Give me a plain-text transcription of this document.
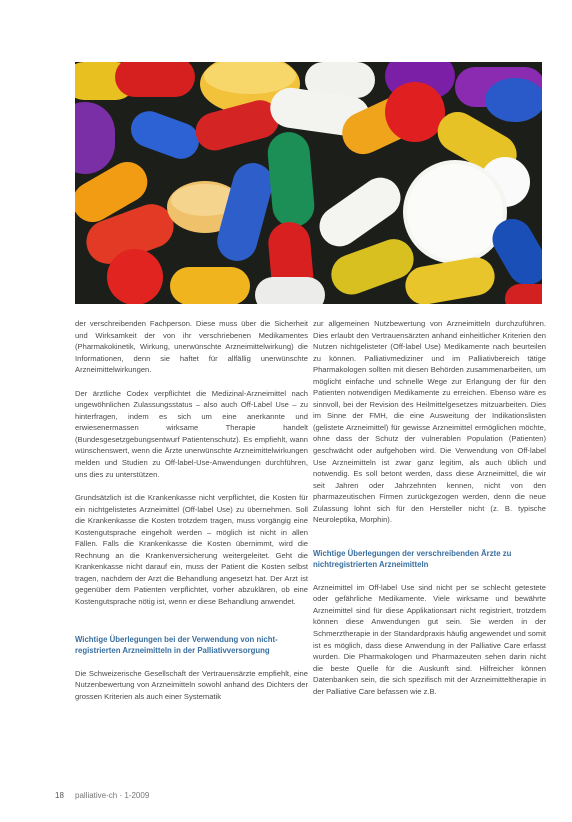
der verschreibenden Fachperson. Diese muss über die Sicherheit und Wirksamkeit der von ihr verschriebenen Medikamentes (Pharmakokinetik, Wirkung, unerwünschte Arzneimittelwirkung) die Informationen, denn sie haftet für allfällig unerwünschte Arzneimittelwirkungen.

Der ärztliche Codex verpflichtet die Medizinal-Arzneimittel nach ungewöhnlichen Zulassungsstatus – also auch Off-Label Use – zu hinterfragen, indem es sich um eine anerkannte und erwiesenermassen wirksame Therapie handelt (Bundesgesetzgebungsentwurf Patientenschutz). Es empfiehlt, wann wünschenswert, wenn die Ärzte unerwünschte Arzneimittelwirkungen melden und Studien zu Off-label-Use-Anwendungen durchführen, uns dies zu unterstützen.

Grundsätzlich ist die Krankenkasse nicht verpflichtet, die Kosten für ein nichtgelistetes Arzneimittel (Off-label Use) zu übernehmen. Soll die Krankenkasse die Kosten trotzdem tragen, muss vorgängig eine Kostengutsprache eingeholt werden – möglich ist nicht in allen Fällen. Falls die Krankenkasse die Kosten übernimmt, wird die Rechnung an die Krankenversicherung weitergeleitet. Geht die Krankenkasse nicht darauf ein, muss der Patient die Kosten selbst tragen, nachdem der Arzt die Behandlung angesetzt hat. Der Arzt ist gegenüber dem Patienten verpflichtet, vorher abzuklären, ob eine Kostengutsprache nötig ist, wenn er diese Behandlung anwendet.

Wichtige Überlegungen bei der Verwendung von nicht-registrierten Arzneimitteln in der Palliativversorgung

Die Schweizerische Gesellschaft der Vertrauensärzte empfiehlt, eine Nutzenbewertung von Arzneimitteln sowohl anhand des Dichters der grossen Kriterien als auch einer Systematik

zur allgemeinen Nutzbewertung von Arzneimitteln durchzuführen. Dies erlaubt den Vertrauensärzten anhand einheitlicher Kriterien den Nutzen nichtgelisteter (Off-label Use) Medikamente nach beurteilen zu können. Palliativmediziner und im Palliativbereich tätige Pharmakologen sollten mit diesen Behörden zusammenarbeiten, um möglicht einfache und schnelle Wege zur Erlangung der für den Patienten notwendigen Medikamente zu erreichen. Ebenso wäre es sinnvoll, bei der Revision des Heilmittelgesetzes mitzuarbeiten. Dies im Sinne der FMH, die eine Ausweitung der Indikationslisten (gelistete Arzneimittel) für gewisse Arzneimittel ermöglichen möchte, ohne dass der Schutz der vulnerablen Population (Patienten) geschwächt oder aufgehoben wird. Die Verwendung von Off-label Use Arzneimitteln ist zwar ganz legitim, als auch üblich und notwendig. Es soll betont werden, dass diese Arzneimittel, die wir seit Jahren oder Jahrzehnten kennen, nicht von den pharmazeutischen Firmen zurückgezogen werden, denn die neue Zulassung lohnt sich für den Hersteller nicht (z. B. typische Neuroleptika, Morphin).

Wichtige Überlegungen der verschreibenden Ärzte zu nichtregistrierten Arzneimitteln

Arzneimittel im Off-label Use sind nicht per se schlecht getestete oder gefährliche Medikamente. Viele wirksame und bewährte Arzneimittel sind für diese Applikationsart nicht registriert, trotzdem können diese Anwendungen gut sein. Sie werden in der Schmerztherapie in der Standardpraxis häufig angewendet und somit ist es möglich, dass diese Anwendung in der Palliative Care erfasst wurden. Die Pharmakologen und Pharmazeuten sehen darin nicht die beste Quelle für die Auskunft sind. Hilfreicher können Datenbanken sein, die sich spezifisch mit der Arzneimitteltherapie in der Palliative Care befassen wie z.B.

18 palliative-ch · 1-2009
